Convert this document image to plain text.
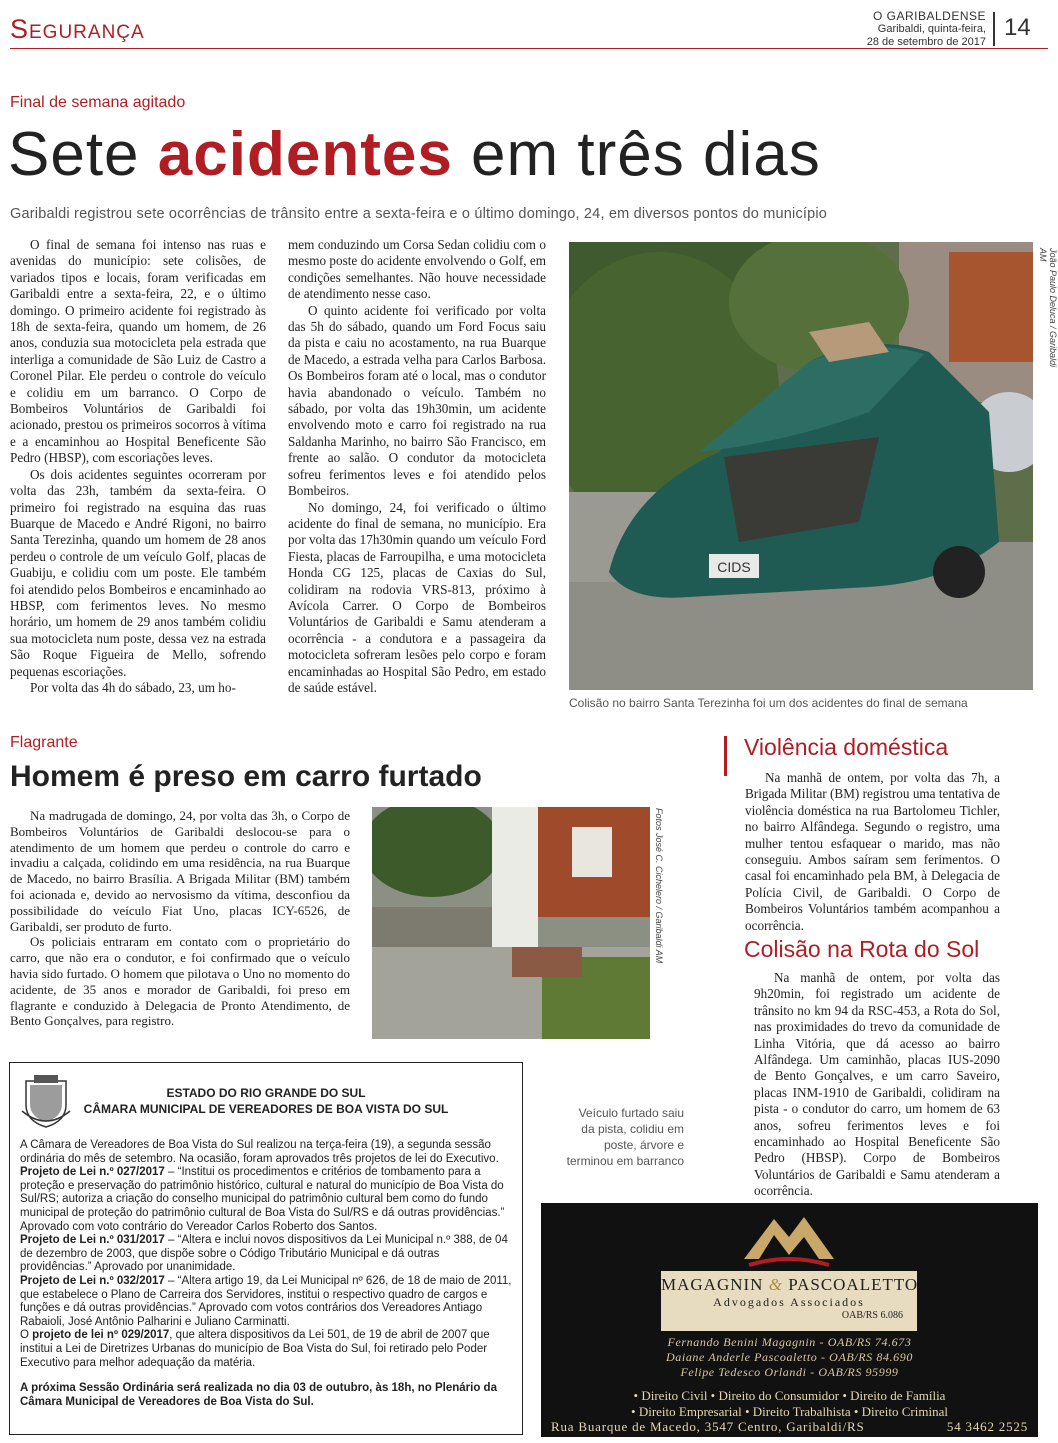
Segurança	O GARIBALDENSE
Garibaldi, quinta-feira,
28 de setembro de 2017
14
Final de semana agitado
Sete acidentes em três dias
Garibaldi registrou sete ocorrências de trânsito entre a sexta-feira e o último domingo, 24, em diversos pontos do município

O final de semana foi intenso nas ruas e avenidas do município: sete colisões, de variados tipos e locais, foram verificadas em Garibaldi entre a sexta-feira, 22, e o último domingo. O primeiro acidente foi registrado às 18h de sexta-feira, quando um homem, de 26 anos, conduzia sua motocicleta pela estrada que interliga a comunidade de São Luiz de Castro a Coronel Pilar. Ele perdeu o controle do veículo e colidiu em um barranco. O Corpo de Bombeiros Voluntários de Garibaldi foi acionado, prestou os primeiros socorros à vítima e a encaminhou ao Hospital Beneficente São Pedro (HBSP), com escoriações leves.

Os dois acidentes seguintes ocorreram por volta das 23h, também da sexta-feira. O primeiro foi registrado na esquina das ruas Buarque de Macedo e André Rigoni, no bairro Santa Terezinha, quando um homem de 28 anos perdeu o controle de um veículo Golf, placas de Guabiju, e colidiu com um poste. Ele também foi atendido pelos Bombeiros e encaminhado ao HBSP, com ferimentos leves. No mesmo horário, um homem de 29 anos também colidiu sua motocicleta num poste, dessa vez na estrada São Roque Figueira de Mello, sofrendo pequenas escoriações.

Por volta das 4h do sábado, 23, um ho-

mem conduzindo um Corsa Sedan colidiu com o mesmo poste do acidente envolvendo o Golf, em condições semelhantes. Não houve necessidade de atendimento nesse caso.

O quinto acidente foi verificado por volta das 5h do sábado, quando um Ford Focus saiu da pista e caiu no acostamento, na rua Buarque de Macedo, a estrada velha para Carlos Barbosa. Os Bombeiros foram até o local, mas o condutor havia abandonado o veículo. Também no sábado, por volta das 19h30min, um acidente envolvendo moto e carro foi registrado na rua Saldanha Marinho, no bairro São Francisco, em frente ao salão. O condutor da motocicleta sofreu ferimentos leves e foi atendido pelos Bombeiros.

No domingo, 24, foi verificado o último acidente do final de semana, no município. Era por volta das 17h30min quando um veículo Ford Fiesta, placas de Farroupilha, e uma motocicleta Honda CG 125, placas de Caxias do Sul, colidiram na rodovia VRS-813, próximo à Avícola Carrer. O Corpo de Bombeiros Voluntários de Garibaldi e Samu atenderam a ocorrência - a condutora e a passageira da motocicleta sofreram lesões pelo corpo e foram encaminhadas ao Hospital São Pedro, em estado de saúde estável.

CIDS
João Paulo Deluca / Garibaldi AM
Colisão no bairro Santa Terezinha foi um dos acidentes do final de semana
Flagrante
Homem é preso em carro furtado

Na madrugada de domingo, 24, por volta das 3h, o Corpo de Bombeiros Voluntários de Garibaldi deslocou-se para o atendimento de um homem que perdeu o controle do carro e invadiu a calçada, colidindo em uma residência, na rua Buarque de Macedo, no bairro Brasília. A Brigada Militar (BM) também foi acionada e, devido ao nervosismo da vítima, desconfiou da possibilidade do veículo Fiat Uno, placas ICY-6526, de Garibaldi, ser produto de furto.

Os policiais entraram em contato com o proprietário do carro, que não era o condutor, e foi confirmado que o veículo havia sido furtado. O homem que pilotava o Uno no momento do acidente, de 35 anos e morador de Garibaldi, foi preso em flagrante e conduzido à Delegacia de Pronto Atendimento, de Bento Gonçalves, para registro.

Fotos José C. Cichelero / Garibaldi AM
Veículo furtado saiu da pista, colidiu em poste, árvore e terminou em barranco
Violência doméstica

Na manhã de ontem, por volta das 7h, a Brigada Militar (BM) registrou uma tentativa de violência doméstica na rua Bartolomeu Tichler, no bairro Alfândega. Segundo o registro, uma mulher tentou esfaquear o marido, mas não conseguiu. Ambos saíram sem ferimentos. O casal foi encaminhado pela BM, à Delegacia de Polícia Civil, de Garibaldi. O Corpo de Bombeiros Voluntários também acompanhou a ocorrência.

Colisão na Rota do Sol

Na manhã de ontem, por volta das 9h20min, foi registrado um acidente de trânsito no km 94 da RSC-453, a Rota do Sol, nas proximidades do trevo da comunidade de Linha Vitória, que dá acesso ao bairro Alfândega. Um caminhão, placas IUS-2090 de Bento Gonçalves, e um carro Saveiro, placas INM-1910 de Garibaldi, colidiram na pista - o condutor do carro, um homem de 63 anos, sofreu ferimentos leves e foi encaminhado ao Hospital Beneficente São Pedro (HBSP). Corpo de Bombeiros Voluntários de Garibaldi e Samu atenderam a ocorrência.

ESTADO DO RIO GRANDE DO SUL
CÂMARA MUNICIPAL DE VEREADORES DE BOA VISTA DO SUL
A Câmara de Vereadores de Boa Vista do Sul realizou na terça-feira (19), a segunda sessão ordinária do mês de setembro. Na ocasião, foram aprovados três projetos de lei do Executivo.
Projeto de Lei n.º 027/2017 – “Institui os procedimentos e critérios de tombamento para a proteção e preservação do patrimônio histórico, cultural e natural do município de Boa Vista do Sul/RS; autoriza a criação do conselho municipal do patrimônio cultural bem como do fundo municipal de proteção do patrimônio cultural de Boa Vista do Sul/RS e dá outras providências.” Aprovado com voto contrário do Vereador Carlos Roberto dos Santos.
Projeto de Lei n.º 031/2017 – “Altera e inclui novos dispositivos da Lei Municipal n.º 388, de 04 de dezembro de 2003, que dispõe sobre o Código Tributário Municipal e dá outras providências.” Aprovado por unanimidade.
Projeto de Lei n.º 032/2017 – “Altera artigo 19, da Lei Municipal nº 626, de 18 de maio de 2011, que estabelece o Plano de Carreira dos Servidores, institui o respectivo quadro de cargos e funções e dá outras providências.” Aprovado com votos contrários dos Vereadores Antiago Rabaioli, José Antônio Palharini e Juliano Carminatti.
O projeto de lei nº 029/2017, que altera dispositivos da Lei 501, de 19 de abril de 2007 que institui a Lei de Diretrizes Urbanas do município de Boa Vista do Sul, foi retirado pelo Poder Executivo para melhor adequação da matéria.
A próxima Sessão Ordinária será realizada no dia 03 de outubro, às 18h, no Plenário da Câmara Municipal de Vereadores de Boa Vista do Sul.
MAGAGNIN & PASCOALETTO
Advogados Associados
OAB/RS 6.086
Fernando Benini Magagnin - OAB/RS 74.673
Daiane Anderle Pascoaletto - OAB/RS 84.690
Felipe Tedesco Orlandi - OAB/RS 95999
• Direito Civil • Direito do Consumidor • Direito de Família
• Direito Empresarial • Direito Trabalhista • Direito Criminal
Rua Buarque de Macedo, 3547 Centro, Garibaldi/RS	54 3462 2525
